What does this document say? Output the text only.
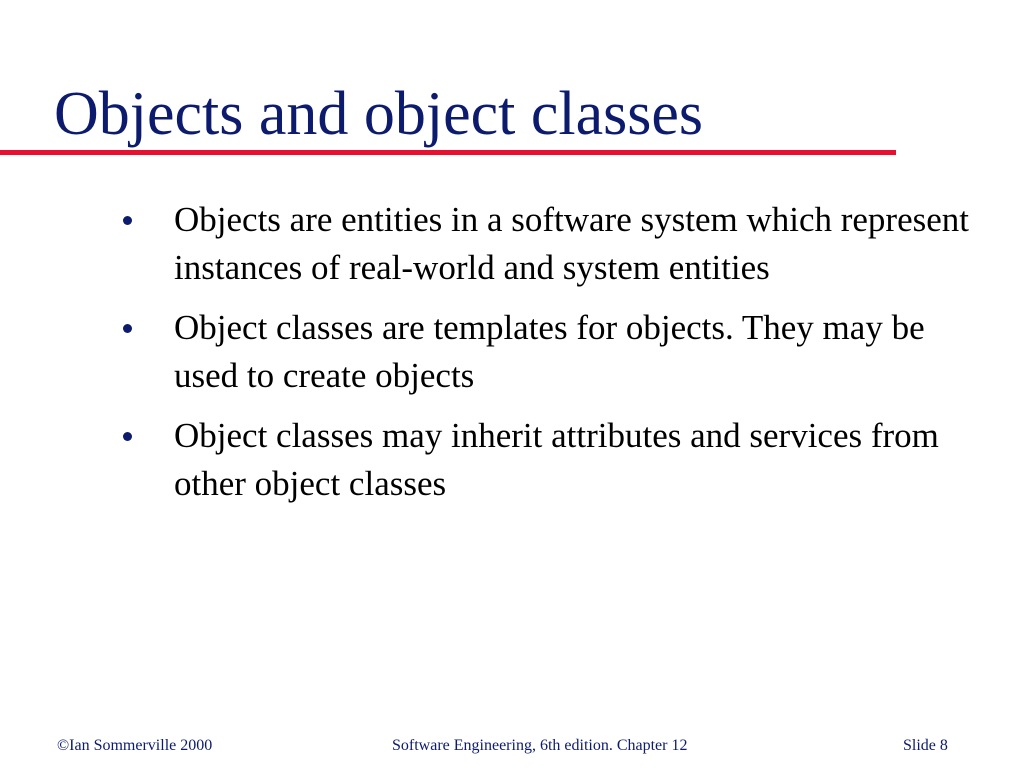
Objects and object classes
Objects are entities in a software system which represent instances of real-world and system entities
Object classes are templates for objects. They may be used to create objects
Object classes may inherit attributes and services from other object classes
©Ian Sommerville 2000	Software Engineering, 6th edition. Chapter 12	Slide 8
